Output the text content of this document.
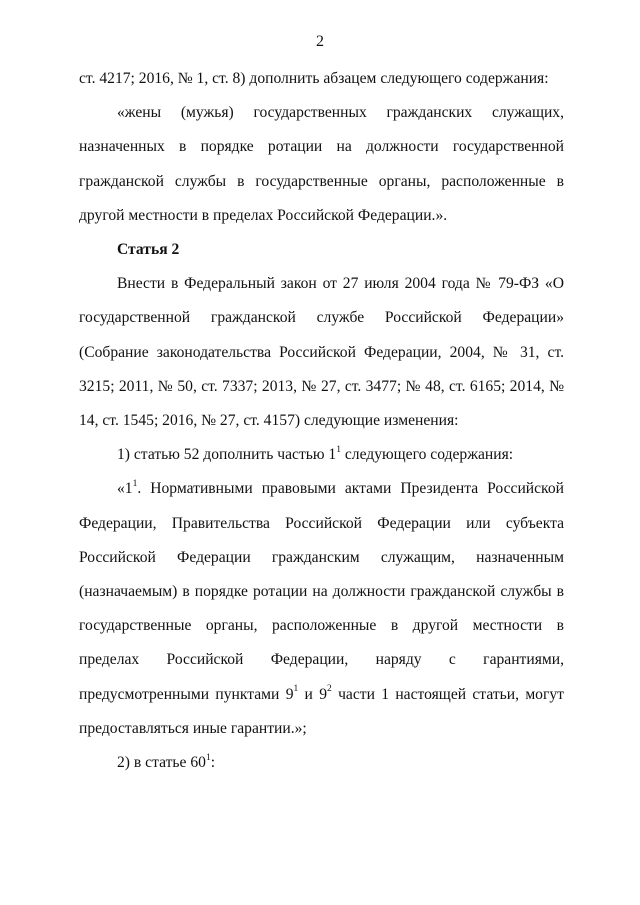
2

ст. 4217; 2016, № 1, ст. 8) дополнить абзацем следующего содержания:

«жены (мужья) государственных гражданских служащих, назначенных в порядке ротации на должности государственной гражданской службы в государственные органы, расположенные в другой местности в пределах Российской Федерации.».

Статья 2

Внести в Федеральный закон от 27 июля 2004 года № 79-ФЗ «О государственной гражданской службе Российской Федерации» (Собрание законодательства Российской Федерации, 2004, № 31, ст. 3215; 2011, № 50, ст. 7337; 2013, № 27, ст. 3477; № 48, ст. 6165; 2014, № 14, ст. 1545; 2016, № 27, ст. 4157) следующие изменения:

1) статью 52 дополнить частью $1^1$ следующего содержания:

«$1^1$. Нормативными правовыми актами Президента Российской Федерации, Правительства Российской Федерации или субъекта Российской Федерации гражданским служащим, назначенным (назначаемым) в порядке ротации на должности гражданской службы в государственные органы, расположенные в другой местности в пределах Российской Федерации, наряду с гарантиями, предусмотренными пунктами $9^1$ и $9^2$ части 1 настоящей статьи, могут предоставляться иные гарантии.»;

2) в статье $60^1$:
